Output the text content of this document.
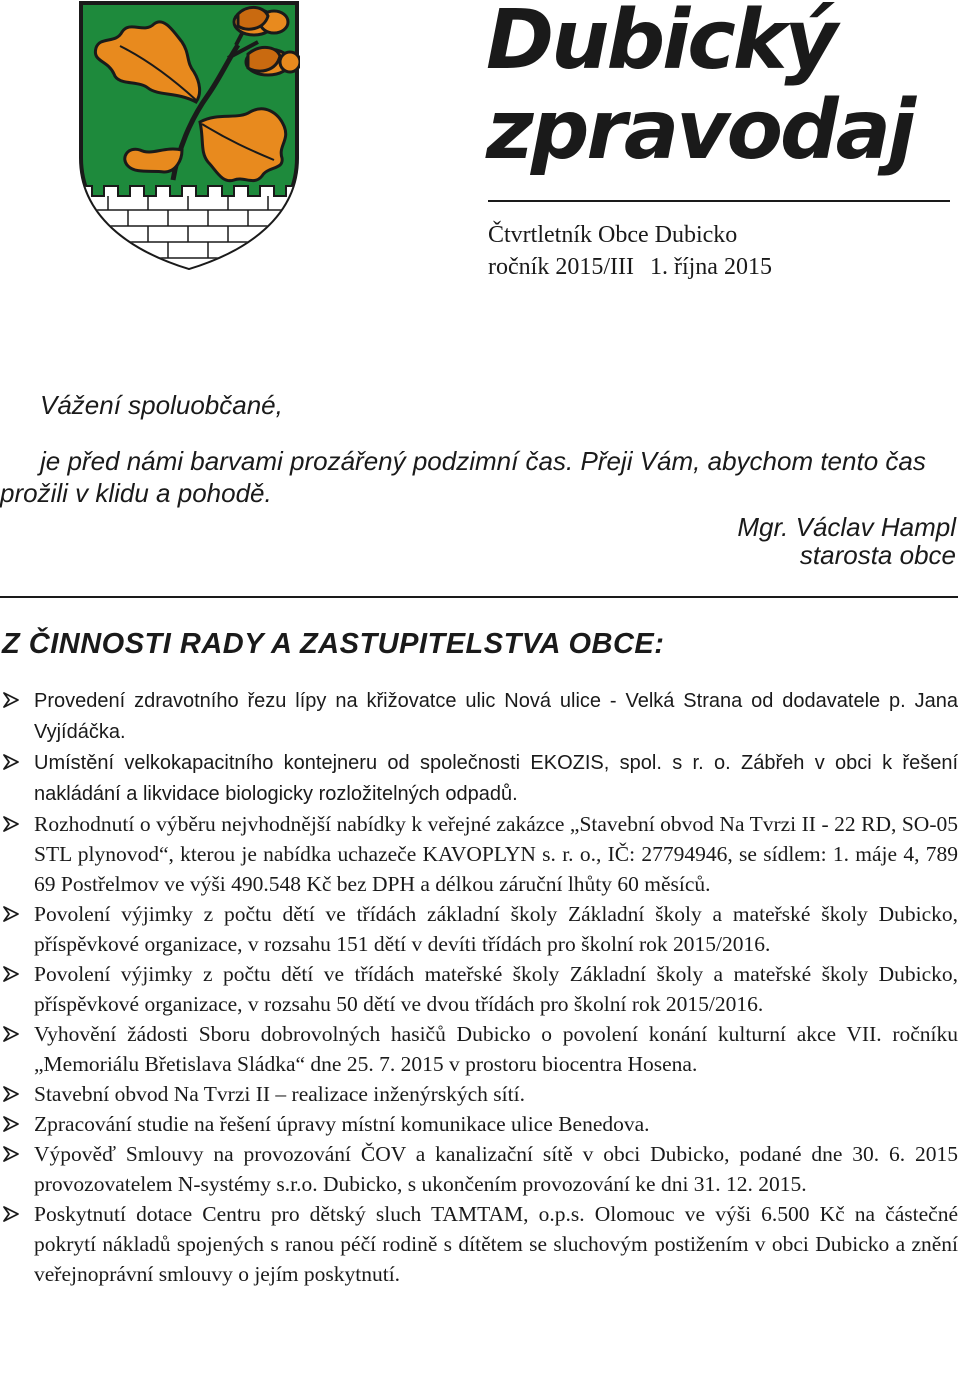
Dubický
zpravodaj
Čtvrtletník Obce Dubicko
ročník 2015/III 1. října 2015
Vážení spoluobčané,
je před námi barvami prozářený podzimní čas. Přeji Vám, abychom tento čas
prožili v klidu a pohodě.
Mgr. Václav Hampl
starosta obce
Z ČINNOSTI RADY A ZASTUPITELSTVA OBCE:
Provedení zdravotního řezu lípy na křižovatce ulic Nová ulice - Velká Strana od dodavatele p. Jana Vyjídáčka.
Umístění velkokapacitního kontejneru od společnosti EKOZIS, spol. s r. o. Zábřeh v obci k řešení nakládání a likvidace biologicky rozložitelných odpadů.
Rozhodnutí o výběru nejvhodnější nabídky k veřejné zakázce „Stavební obvod Na Tvrzi II - 22 RD, SO-05 STL plynovod“, kterou je nabídka uchazeče KAVOPLYN s. r. o., IČ: 27794946, se sídlem: 1. máje 4, 789 69 Postřelmov ve výši 490.548 Kč bez DPH a délkou záruční lhůty 60 měsíců.
Povolení výjimky z počtu dětí ve třídách základní školy Základní školy a mateřské školy Dubicko, příspěvkové organizace, v rozsahu 151 dětí v devíti třídách pro školní rok 2015/2016.
Povolení výjimky z počtu dětí ve třídách mateřské školy Základní školy a mateřské školy Dubicko, příspěvkové organizace, v rozsahu 50 dětí ve dvou třídách pro školní rok 2015/2016.
Vyhovění žádosti Sboru dobrovolných hasičů Dubicko o povolení konání kulturní akce VII. ročníku „Memoriálu Břetislava Sládka“ dne 25. 7. 2015 v prostoru biocentra Hosena.
Stavební obvod Na Tvrzi II – realizace inženýrských sítí.
Zpracování studie na řešení úpravy místní komunikace ulice Benedova.
Výpověď Smlouvy na provozování ČOV a kanalizační sítě v obci Dubicko, podané dne 30. 6. 2015 provozovatelem N-systémy s.r.o. Dubicko, s ukončením provozování ke dni 31. 12. 2015.
Poskytnutí dotace Centru pro dětský sluch TAMTAM, o.p.s. Olomouc ve výši 6.500 Kč na částečné pokrytí nákladů spojených s ranou péčí rodině s dítětem se sluchovým postižením v obci Dubicko a znění veřejnoprávní smlouvy o jejím poskytnutí.
